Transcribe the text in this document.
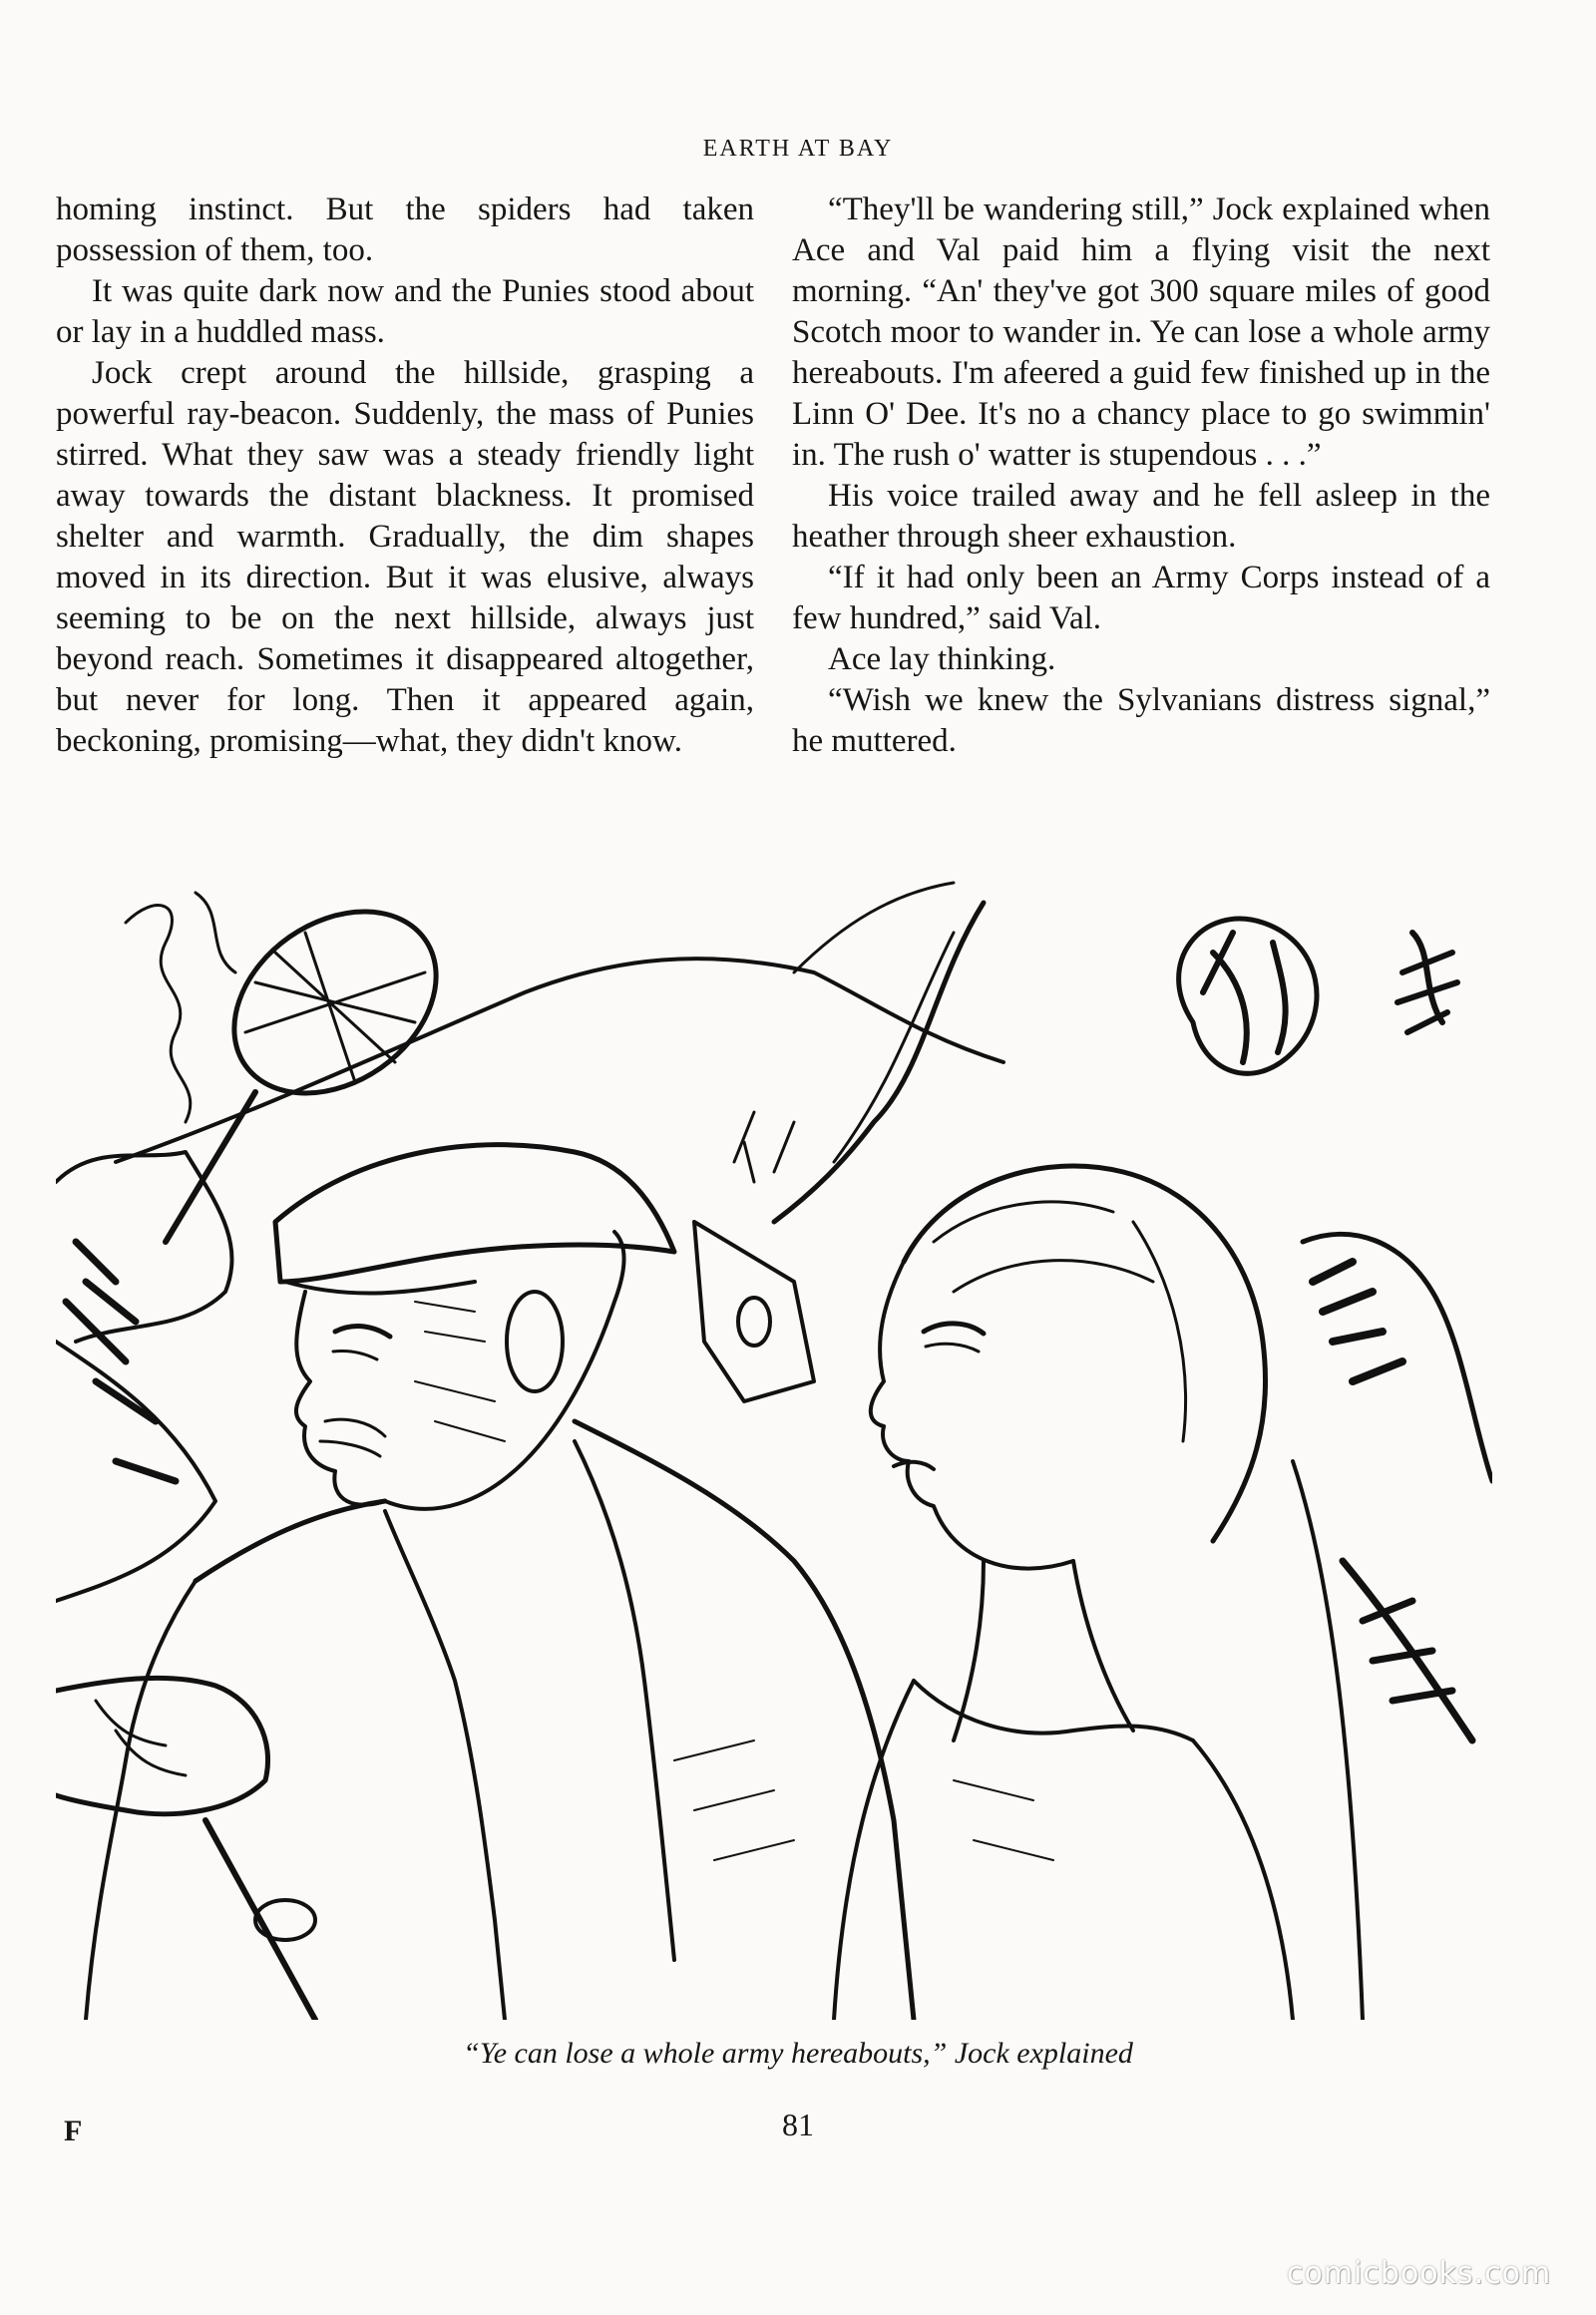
EARTH AT BAY

homing instinct. But the spiders had taken possession of them, too.

It was quite dark now and the Punies stood about or lay in a huddled mass.

Jock crept around the hillside, grasping a powerful ray-beacon. Suddenly, the mass of Punies stirred. What they saw was a steady friendly light away towards the distant blackness. It promised shelter and warmth. Gradually, the dim shapes moved in its direction. But it was elusive, always seeming to be on the next hillside, always just beyond reach. Sometimes it disappeared altogether, but never for long. Then it appeared again, beckoning, promising—what, they didn't know.

“They'll be wandering still,” Jock explained when Ace and Val paid him a flying visit the next morning. “An' they've got 300 square miles of good Scotch moor to wander in. Ye can lose a whole army hereabouts. I'm afeered a guid few finished up in the Linn O' Dee. It's no a chancy place to go swimmin' in. The rush o' watter is stupendous . . .”

His voice trailed away and he fell asleep in the heather through sheer exhaustion.

“If it had only been an Army Corps instead of a few hundred,” said Val.

Ace lay thinking.

“Wish we knew the Sylvanians distress signal,” he muttered.

“Ye can lose a whole army hereabouts,” Jock explained
F	81
comicbooks.com
